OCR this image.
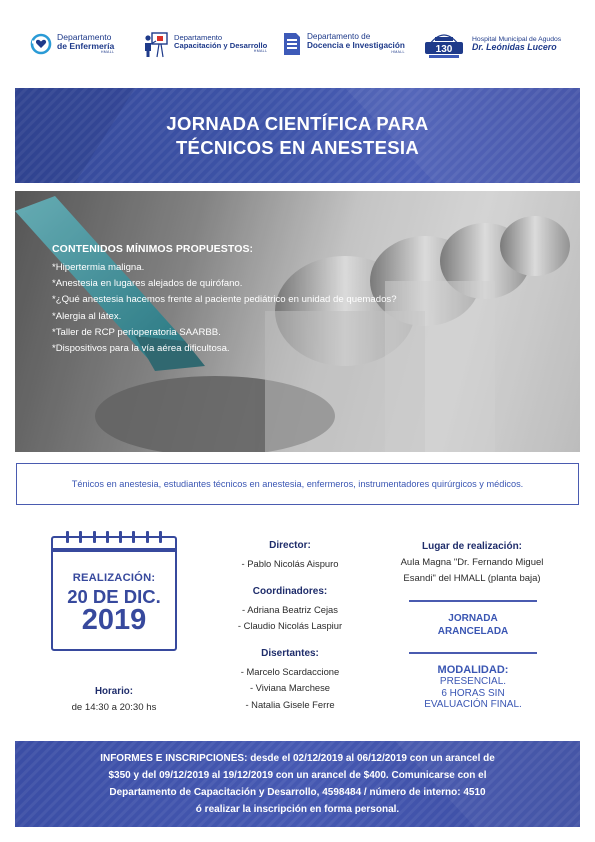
Departamento
de Enfermería
HMALL
Departamento
Capacitación y Desarrollo
HMALL
Departamento de
Docencia e Investigación
HMALL	130
Hospital Municipal de Agudos
Dr. Leónidas Lucero
JORNADA CIENTÍFICA PARA
TÉCNICOS EN ANESTESIA
CONTENIDOS MÍNIMOS PROPUESTOS:
*Hipertermia maligna.
*Anestesia en lugares alejados de quirófano.
*¿Qué anestesia hacemos frente al paciente pediátrico en unidad de quemados?
*Alergia al látex.
*Taller de RCP perioperatoria SAARBB.
*Dispositivos para la vía aérea dificultosa.
Ténicos en anestesia, estudiantes técnicos en anestesia, enfermeros, instrumentadores quirúrgicos y médicos.
REALIZACIÓN:
20 DE DIC.
2019
Horario:
de 14:30 a 20:30 hs
Director:
- Pablo Nicolás Aispuro
Coordinadores:
- Adriana Beatriz Cejas
- Claudio Nicolás Laspiur
Disertantes:
- Marcelo Scardaccione
- Viviana Marchese
- Natalia Gisele Ferre
Lugar de realización:
Aula Magna "Dr. Fernando Miguel
Esandi" del HMALL (planta baja)
JORNADA
ARANCELADA
MODALIDAD:
PRESENCIAL.
6 HORAS SIN
EVALUACIÓN FINAL.

INFORMES E INSCRIPCIONES: desde el 02/12/2019 al 06/12/2019 con un arancel de
$350 y del 09/12/2019 al 19/12/2019 con un arancel de $400. Comunicarse con el
Departamento de Capacitación y Desarrollo, 4598484 / número de interno: 4510
ó realizar la inscripción en forma personal.
